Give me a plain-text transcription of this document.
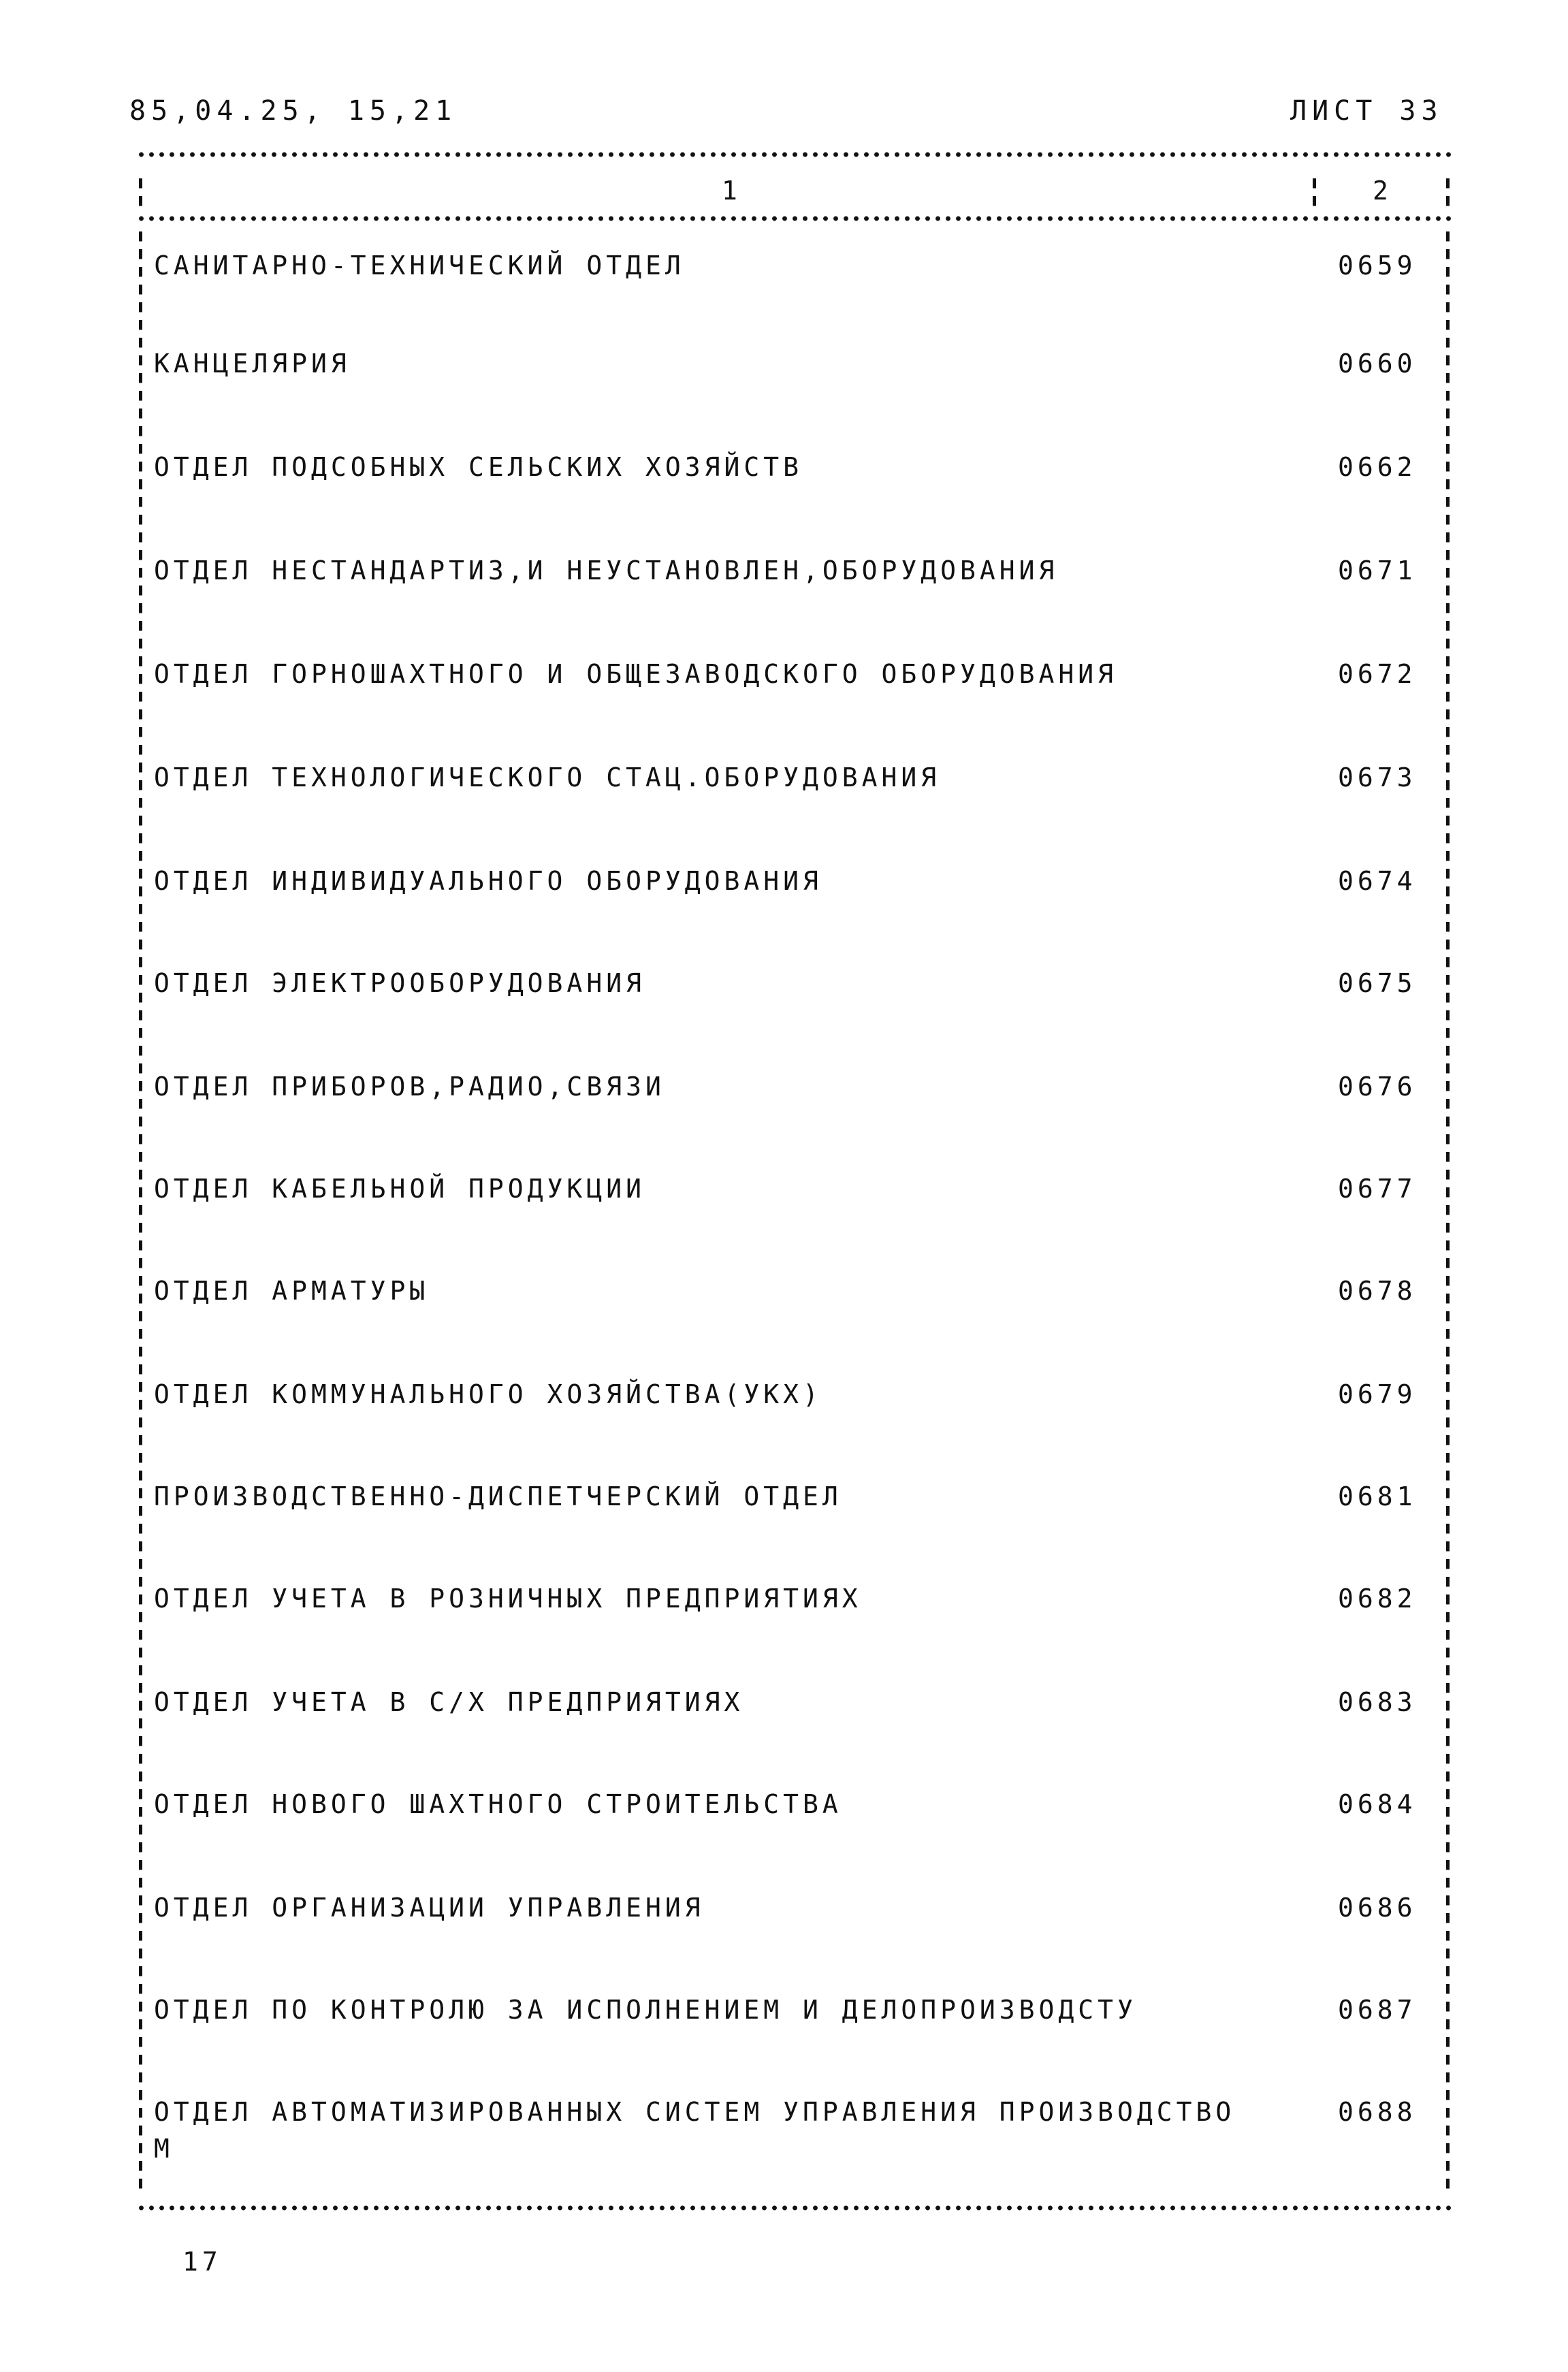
85,04.25, 15,21	ЛИСТ 33
1	2
САНИТАРНО-ТЕХНИЧЕСКИЙ ОТДЕЛ	0659
КАНЦЕЛЯРИЯ	0660
ОТДЕЛ ПОДСОБНЫХ СЕЛЬСКИХ ХОЗЯЙСТВ	0662
ОТДЕЛ НЕСТАНДАРТИЗ,И НЕУСТАНОВЛЕН,ОБОРУДОВАНИЯ	0671
ОТДЕЛ ГОРНОШАХТНОГО И ОБЩЕЗАВОДСКОГО ОБОРУДОВАНИЯ	0672
ОТДЕЛ ТЕХНОЛОГИЧЕСКОГО СТАЦ.ОБОРУДОВАНИЯ	0673
ОТДЕЛ ИНДИВИДУАЛЬНОГО ОБОРУДОВАНИЯ	0674
ОТДЕЛ ЭЛЕКТРООБОРУДОВАНИЯ	0675
ОТДЕЛ ПРИБОРОВ,РАДИО,СВЯЗИ	0676
ОТДЕЛ КАБЕЛЬНОЙ ПРОДУКЦИИ	0677
ОТДЕЛ АРМАТУРЫ	0678
ОТДЕЛ КОММУНАЛЬНОГО ХОЗЯЙСТВА(УКХ)	0679
ПРОИЗВОДСТВЕННО-ДИСПЕТЧЕРСКИЙ ОТДЕЛ	0681
ОТДЕЛ УЧЕТА В РОЗНИЧНЫХ ПРЕДПРИЯТИЯХ	0682
ОТДЕЛ УЧЕТА В С/Х ПРЕДПРИЯТИЯХ	0683
ОТДЕЛ НОВОГО ШАХТНОГО СТРОИТЕЛЬСТВА	0684
ОТДЕЛ ОРГАНИЗАЦИИ УПРАВЛЕНИЯ	0686
ОТДЕЛ ПО КОНТРОЛЮ ЗА ИСПОЛНЕНИЕМ И ДЕЛОПРОИЗВОДСТУ	0687
ОТДЕЛ АВТОМАТИЗИРОВАННЫХ СИСТЕМ УПРАВЛЕНИЯ ПРОИЗВОДСТВО	0688
М
17
